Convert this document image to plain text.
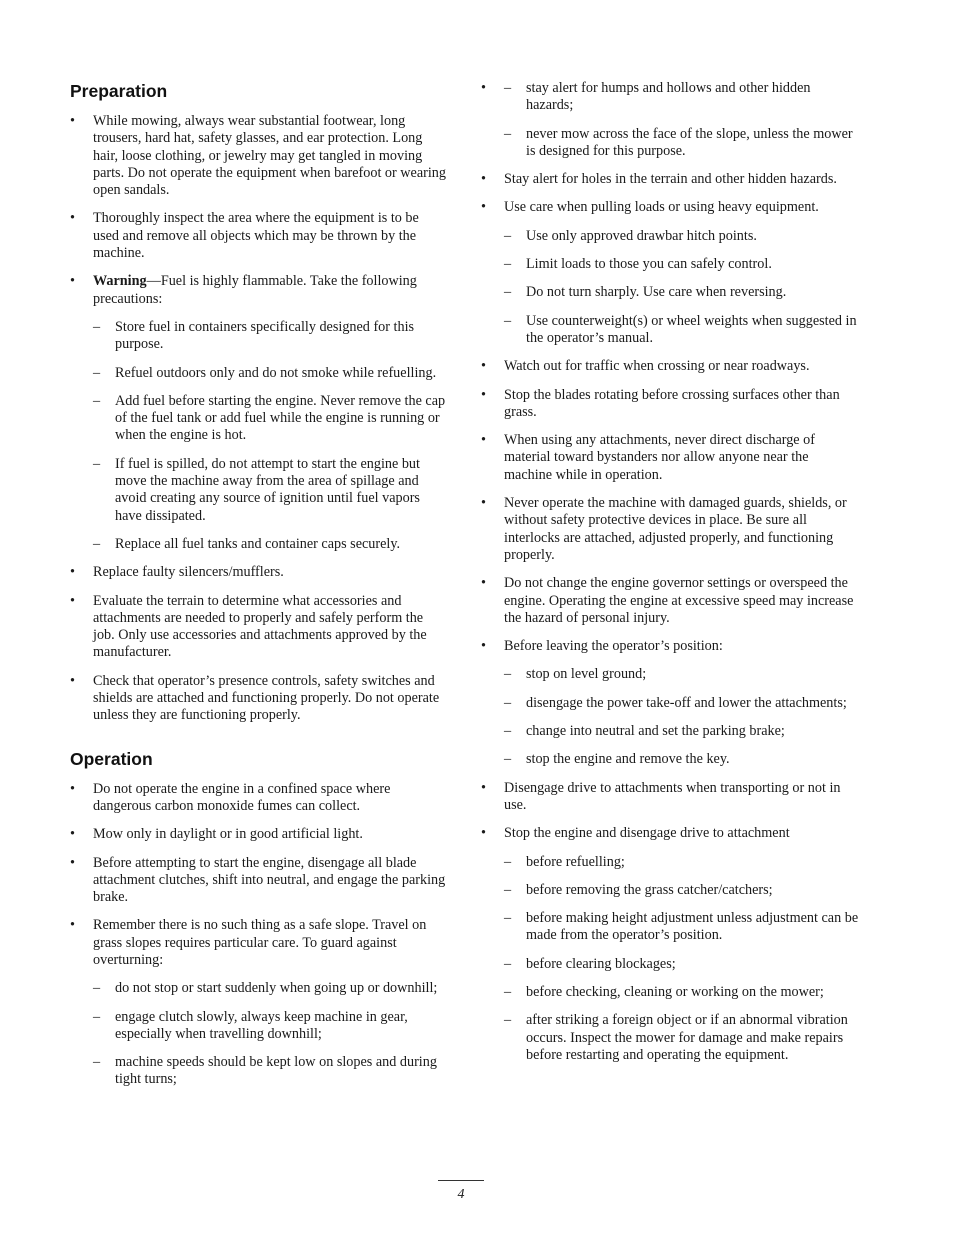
Preparation
• While mowing, always wear substantial footwear, long trousers, hard hat, safety glasses, and ear protection. Long hair, loose clothing, or jewelry may get tangled in moving parts. Do not operate the equipment when barefoot or wearing open sandals.
• Thoroughly inspect the area where the equipment is to be used and remove all objects which may be thrown by the machine.
• Warning—Fuel is highly flammable. Take the following precautions:
– Store fuel in containers specifically designed for this purpose.
– Refuel outdoors only and do not smoke while refuelling.
– Add fuel before starting the engine. Never remove the cap of the fuel tank or add fuel while the engine is running or when the engine is hot.
– If fuel is spilled, do not attempt to start the engine but move the machine away from the area of spillage and avoid creating any source of ignition until fuel vapors have dissipated.
– Replace all fuel tanks and container caps securely.
• Replace faulty silencers/mufflers.
• Evaluate the terrain to determine what accessories and attachments are needed to properly and safely perform the job. Only use accessories and attachments approved by the manufacturer.
• Check that operator’s presence controls, safety switches and shields are attached and functioning properly. Do not operate unless they are functioning properly.
Operation
• Do not operate the engine in a confined space where dangerous carbon monoxide fumes can collect.
• Mow only in daylight or in good artificial light.
• Before attempting to start the engine, disengage all blade attachment clutches, shift into neutral, and engage the parking brake.
• Remember there is no such thing as a safe slope. Travel on grass slopes requires particular care. To guard against overturning:
– do not stop or start suddenly when going up or downhill;
– engage clutch slowly, always keep machine in gear, especially when travelling downhill;
– machine speeds should be kept low on slopes and during tight turns;
– • stay alert for humps and hollows and other hidden hazards;
– never mow across the face of the slope, unless the mower is designed for this purpose.
• Stay alert for holes in the terrain and other hidden hazards.
• Use care when pulling loads or using heavy equipment.
– Use only approved drawbar hitch points.
– Limit loads to those you can safely control.
– Do not turn sharply. Use care when reversing.
– Use counterweight(s) or wheel weights when suggested in the operator’s manual.
• Watch out for traffic when crossing or near roadways.
• Stop the blades rotating before crossing surfaces other than grass.
• When using any attachments, never direct discharge of material toward bystanders nor allow anyone near the machine while in operation.
• Never operate the machine with damaged guards, shields, or without safety protective devices in place. Be sure all interlocks are attached, adjusted properly, and functioning properly.
• Do not change the engine governor settings or overspeed the engine. Operating the engine at excessive speed may increase the hazard of personal injury.
• Before leaving the operator’s position:
– stop on level ground;
– disengage the power take-off and lower the attachments;
– change into neutral and set the parking brake;
– stop the engine and remove the key.
• Disengage drive to attachments when transporting or not in use.
• Stop the engine and disengage drive to attachment
– before refuelling;
– before removing the grass catcher/catchers;
– before making height adjustment unless adjustment can be made from the operator’s position.
– before clearing blockages;
– before checking, cleaning or working on the mower;
– after striking a foreign object or if an abnormal vibration occurs. Inspect the mower for damage and make repairs before restarting and operating the equipment.
4
